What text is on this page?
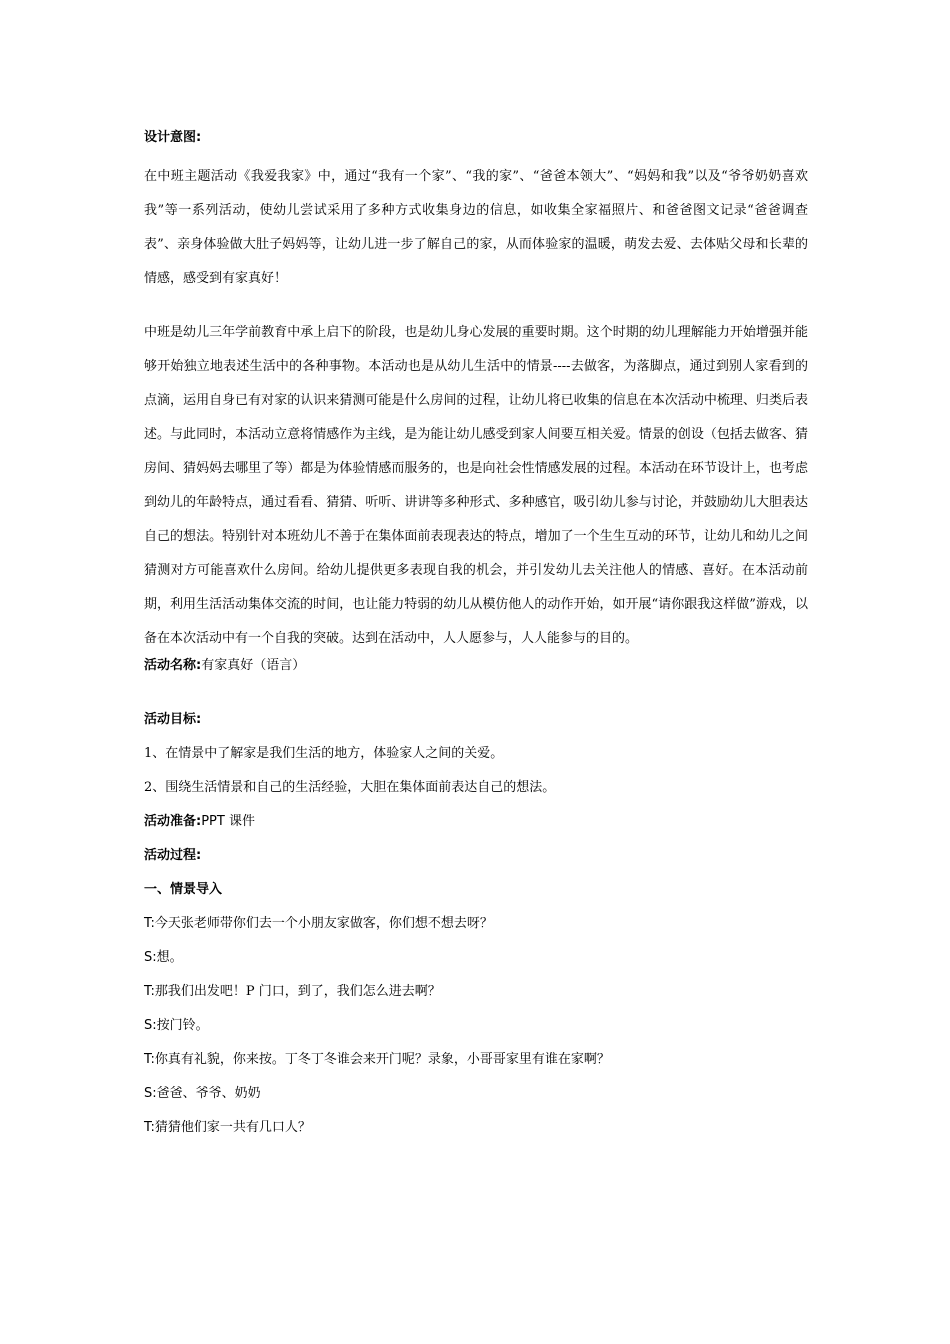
设计意图:

在中班主题活动《我爱我家》中，通过“我有一个家”、“我的家”、“爸爸本领大”、“妈妈和我”以及“爷爷奶奶喜欢我”等一系列活动，使幼儿尝试采用了多种方式收集身边的信息，如收集全家福照片、和爸爸图文记录“爸爸调查表”、亲身体验做大肚子妈妈等，让幼儿进一步了解自己的家，从而体验家的温暖，萌发去爱、去体贴父母和长辈的情感，感受到有家真好！

中班是幼儿三年学前教育中承上启下的阶段，也是幼儿身心发展的重要时期。这个时期的幼儿理解能力开始增强并能够开始独立地表述生活中的各种事物。本活动也是从幼儿生活中的情景----去做客，为落脚点，通过到别人家看到的点滴，运用自身已有对家的认识来猜测可能是什么房间的过程，让幼儿将已收集的信息在本次活动中梳理、归类后表述。与此同时，本活动立意将情感作为主线，是为能让幼儿感受到家人间要互相关爱。情景的创设（包括去做客、猜房间、猜妈妈去哪里了等）都是为体验情感而服务的，也是向社会性情感发展的过程。本活动在环节设计上，也考虑到幼儿的年龄特点，通过看看、猜猜、听听、讲讲等多种形式、多种感官，吸引幼儿参与讨论，并鼓励幼儿大胆表达自己的想法。特别针对本班幼儿不善于在集体面前表现表达的特点，增加了一个生生互动的环节，让幼儿和幼儿之间猜测对方可能喜欢什么房间。给幼儿提供更多表现自我的机会，并引发幼儿去关注他人的情感、喜好。在本活动前期，利用生活活动集体交流的时间，也让能力特弱的幼儿从模仿他人的动作开始，如开展“请你跟我这样做”游戏，以备在本次活动中有一个自我的突破。达到在活动中，人人愿参与，人人能参与的目的。

活动名称:有家真好（语言）
活动目标:
1、在情景中了解家是我们生活的地方，体验家人之间的关爱。
2、围绕生活情景和自己的生活经验，大胆在集体面前表达自己的想法。
活动准备:PPT 课件
活动过程:
一、情景导入
T:今天张老师带你们去一个小朋友家做客，你们想不想去呀？
S:想。
T:那我们出发吧！P 门口，到了，我们怎么进去啊？
S:按门铃。
T:你真有礼貌，你来按。丁冬丁冬谁会来开门呢？录象，小哥哥家里有谁在家啊？
S:爸爸、爷爷、奶奶
T:猜猜他们家一共有几口人？
